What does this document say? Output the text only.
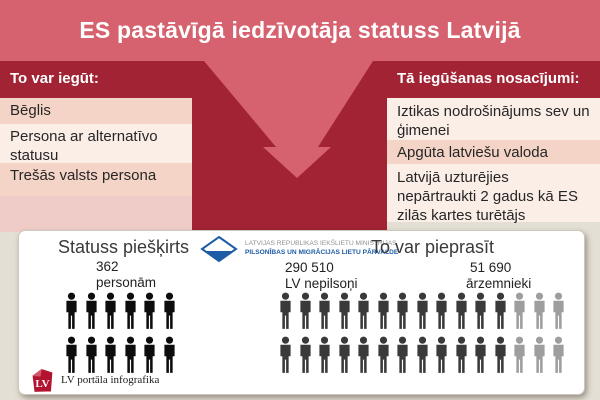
ES pastāvīgā iedzīvotāja statuss Latvijā
To var iegūt:	Tā iegūšanas nosacījumi:
Bēglis
Persona ar alternatīvo statusu
Trešās valsts persona
Iztikas nodrošinājums sev un ģimenei
Apgūta latviešu valoda
Latvijā uzturējies nepārtraukti 2 gadus kā ES zilās kartes turētājs
Statuss piešķirts
362
personām
LATVIJAS REPUBLIKAS IEKŠLIETU MINISTRIJAS
PILSONĪBAS UN MIGRĀCIJAS LIETU PĀRVALDE
To var pieprasīt
290 510
LV nepilsoņi
51 690
ārzemnieki
LV LV portāla infografika
